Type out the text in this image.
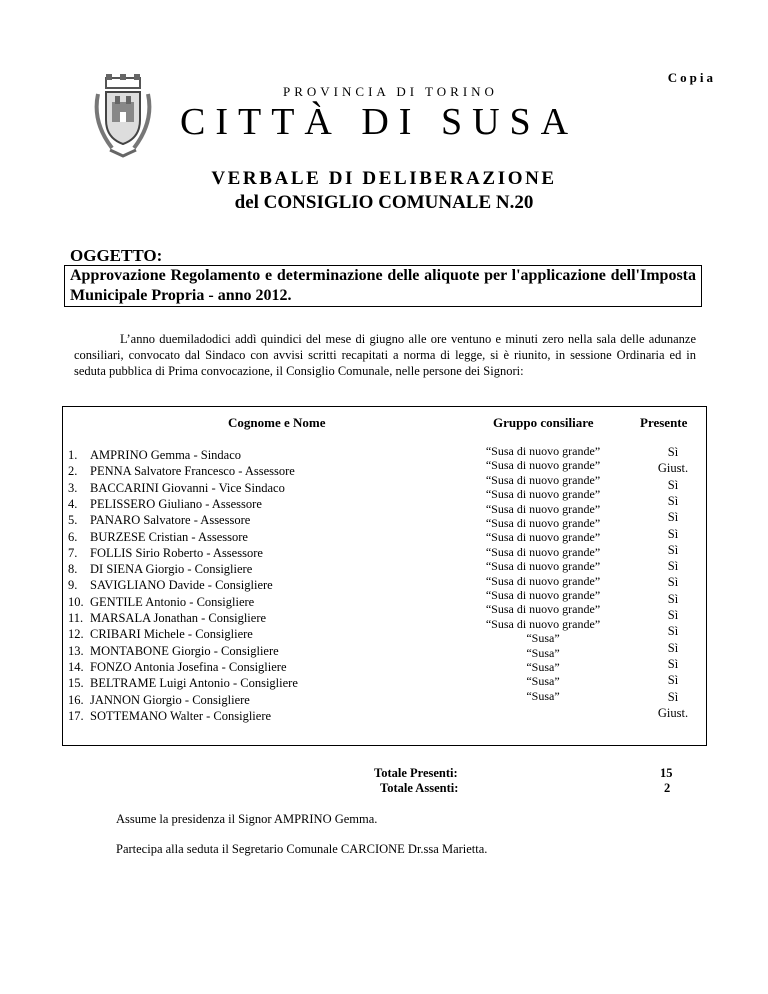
Copia
PROVINCIA DI TORINO
CITTÀ DI SUSA
VERBALE DI DELIBERAZIONE
del CONSIGLIO COMUNALE N.20
OGGETTO:
Approvazione Regolamento e determinazione delle aliquote per l'applicazione dell'Imposta Municipale Propria - anno 2012.
L’anno duemiladodici addì quindici del mese di giugno alle ore ventuno e minuti zero nella sala delle adunanze consiliari, convocato dal Sindaco con avvisi scritti recapitati a norma di legge, si è riunito, in sessione Ordinaria ed in seduta pubblica di Prima convocazione, il Consiglio Comunale, nelle persone dei Signori:
Cognome e Nome	Gruppo consiliare	Presente
1. AMPRINO Gemma - Sindaco
2. PENNA Salvatore Francesco - Assessore
3. BACCARINI Giovanni - Vice Sindaco
4. PELISSERO Giuliano - Assessore
5. PANARO Salvatore - Assessore
6. BURZESE Cristian - Assessore
7. FOLLIS Sirio Roberto - Assessore
8. DI SIENA Giorgio - Consigliere
9. SAVIGLIANO Davide - Consigliere
10. GENTILE Antonio - Consigliere
11. MARSALA Jonathan - Consigliere
12. CRIBARI Michele - Consigliere
13. MONTABONE Giorgio - Consigliere
14. FONZO Antonia Josefina - Consigliere
15. BELTRAME Luigi Antonio - Consigliere
16. JANNON Giorgio - Consigliere
17. SOTTEMANO Walter - Consigliere
“Susa di nuovo grande”
“Susa di nuovo grande”
“Susa di nuovo grande”
“Susa di nuovo grande”
“Susa di nuovo grande”
“Susa di nuovo grande”
“Susa di nuovo grande”
“Susa di nuovo grande”
“Susa di nuovo grande”
“Susa di nuovo grande”
“Susa di nuovo grande”
“Susa di nuovo grande”
“Susa di nuovo grande”
“Susa”
“Susa”
“Susa”
“Susa”
“Susa”
Sì
Giust.
Sì
Sì
Sì
Sì
Sì
Sì
Sì
Sì
Sì
Sì
Sì
Sì
Sì
Sì
Giust.
Totale Presenti:
Totale Assenti:
15
2
Assume la presidenza il Signor AMPRINO Gemma.
Partecipa alla seduta il Segretario Comunale CARCIONE Dr.ssa Marietta.
